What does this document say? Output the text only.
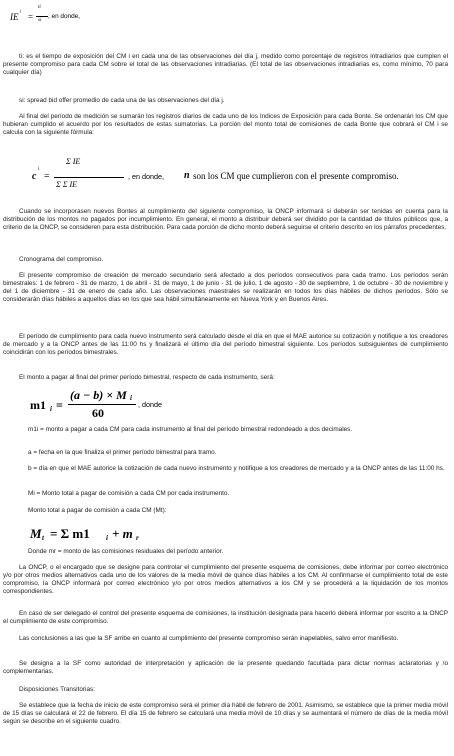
IE
j
=
ti
si
, en donde,

ti: es el tiempo de exposición del CM i en cada una de las observaciones del día j, medido como porcentaje de registros intradiarios que cumplen el presente compromiso para cada CM sobre el total de las observaciones intradiarias. (El total de las observaciones intradiarias es, como mínimo, 70 para cualquier día)

si: spread bid offer promedio de cada una de las observaciones del día j.

Al final del período de medición se sumarán los registros diarios de cada uno de los Indices de Exposición para cada Bonte. Se ordenarán los CM que hubieran cumplido el acuerdo por los resultados de estas sumatorias. La porción del monto total de comisiones de cada Bonte que cobrará el CM i se calcula con la siguiente fórmula:

c
i
=
Σ IE
Σ Σ IE
, en donde, n son los CM que cumplieron con el presente compromiso.

Cuando se incorporasen nuevos Bontes al cumplimiento del siguiente compromiso, la ONCP informará si deberán ser tenidas en cuenta para la distribución de los montos no pagados por incumplimiento. En general, el monto a distribuir deberá ser dividido por la cantidad de títulos públicos que, a criterio de la ONCP, se consideren para esta distribución. Para cada porción de dicho monto deberá seguirse el criterio descrito en los párrafos precedentes.

Cronograma del compromiso.

El presente compromiso de creación de mercado secundario será afectado a dos períodos consecutivos para cada tramo. Los períodos serán bimestrales: 1 de febrero - 31 de marzo, 1 de abril - 31 de mayo, 1 de junio - 31 de julio, 1 de agosto - 30 de septiembre, 1 de octubre - 30 de noviembre y del 1 de diciembre - 31 de enero de cada año. Las observaciones maestrales se realizarán en todos los días hábiles de dichos períodos. Sólo se considerarán días hábiles a aquellos días en los que sea hábil simultáneamente en Nueva York y en Buenos Aires.

El período de cumplimiento para cada nuevo instrumento será calculado desde el día en que el MAE autorice su cotización y notifique a los creadores de mercado y a la ONCP antes de las 11:00 hs y finalizará el último día del período bimestral siguiente. Los períodos subsiguientes de cumplimiento coincidirán con los períodos bimestrales.

El monto a pagar al final del primer período bimestral, respecto de cada instrumento, será:

m1 i =
(a − b) × M i
60
, donde

m1i = monto a pagar a cada CM para cada instrumento al final del período bimestral redondeado a dos decimales.

a = fecha en la que finaliza el primer período bimestral para tramo.

b = día en que el MAE autorice la cotización de cada nuevo instrumento y notifique a los creadores de mercado y a la ONCP antes de las 11:00 hs.

Mi = Monto total a pagar de comisión a cada CM por cada instrumento.

Monto total a pagar de comisión a cada CM (Mt):

M t = Σ m1 i + m r

Donde mr = monto de las comisiones residuales del período anterior.

La ONCP, o el encargado que se designe para controlar el cumplimiento del presente esquema de comisiones, debe informar por correo electrónico y/o por otros medios alternativos cada uno de los valores de la media móvil de quince días hábiles a los CM. Al confirmarse el cumplimiento total de este compromiso, la ONCP informará por correo electrónico y/o por otros medios alternativos a los CM y se procederá a la liquidación de los montos correspondientes.

En caso de ser delegado el control del presente esquema de comisiones, la institución designada para hacerlo deberá informar por escrito a la ONCP el cumplimiento de este compromiso.

Las conclusiones a las que la SF arribe en cuanto al cumplimiento del presente compromiso serán inapelables, salvo error manifiesto.

Se designa a la SF como autoridad de interpretación y aplicación de la presente quedando facultada para dictar normas aclaratorias y /o complementarias.

Disposiciones Transitorias:

Se establece que la fecha de inicio de este compromiso será el primer día hábil de febrero de 2001. Asimismo, se establece que la primer media móvil de 15 días se calculará el 22 de febrero. El día 15 de febrero se calculará una media móvil de 10 días y se aumentará el número de días de la media móvil según se describe en el siguiente cuadro.
